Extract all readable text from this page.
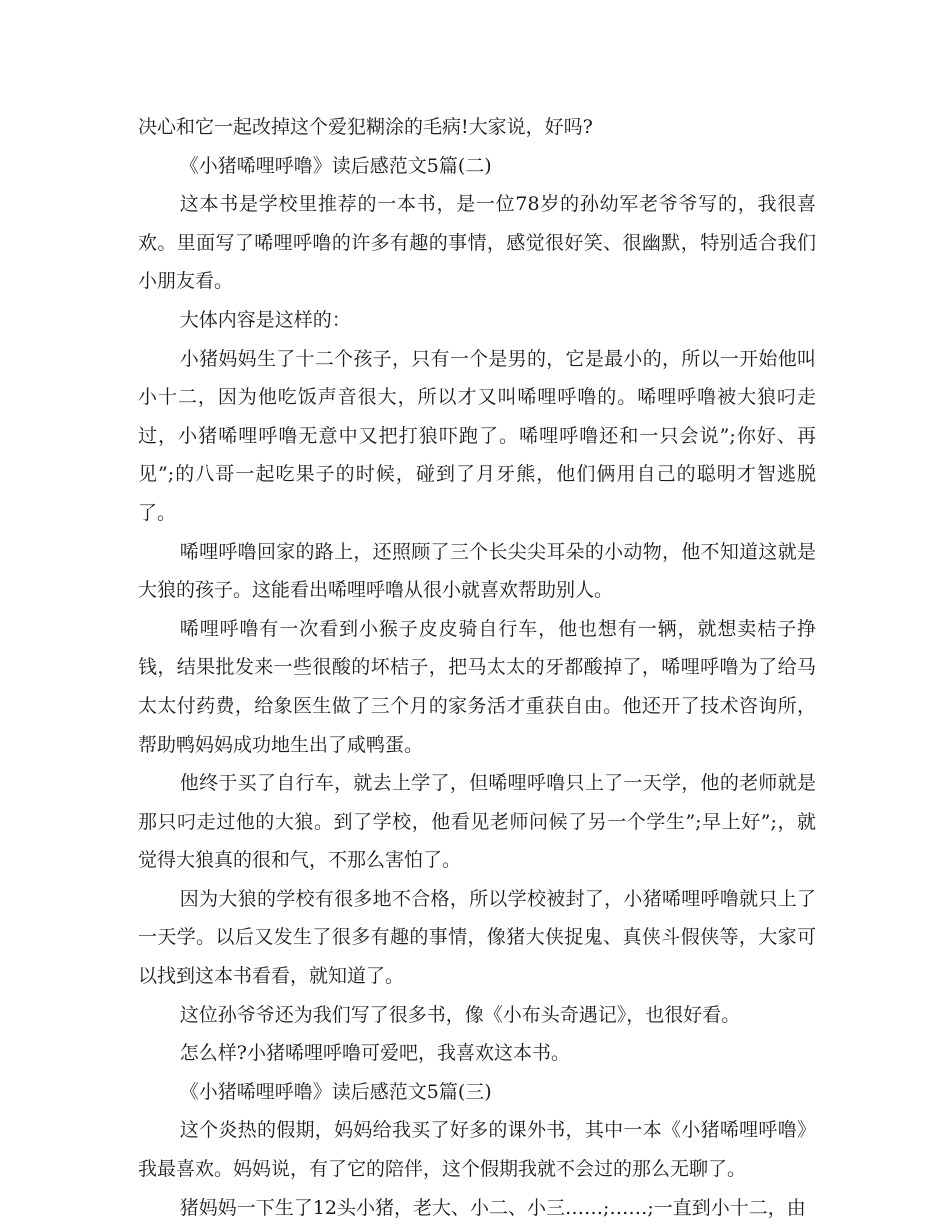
决心和它一起改掉这个爱犯糊涂的毛病!大家说，好吗?

《小猪唏哩呼噜》读后感范文5篇(二)

这本书是学校里推荐的一本书，是一位78岁的孙幼军老爷爷写的，我很喜欢。里面写了唏哩呼噜的许多有趣的事情，感觉很好笑、很幽默，特别适合我们小朋友看。

大体内容是这样的：

小猪妈妈生了十二个孩子，只有一个是男的，它是最小的，所以一开始他叫小十二，因为他吃饭声音很大，所以才又叫唏哩呼噜的。唏哩呼噜被大狼叼走过，小猪唏哩呼噜无意中又把打狼吓跑了。唏哩呼噜还和一只会说”;你好、再见”;的八哥一起吃果子的时候，碰到了月牙熊，他们俩用自己的聪明才智逃脱了。

唏哩呼噜回家的路上，还照顾了三个长尖尖耳朵的小动物，他不知道这就是大狼的孩子。这能看出唏哩呼噜从很小就喜欢帮助别人。

唏哩呼噜有一次看到小猴子皮皮骑自行车，他也想有一辆，就想卖桔子挣钱，结果批发来一些很酸的坏桔子，把马太太的牙都酸掉了，唏哩呼噜为了给马太太付药费，给象医生做了三个月的家务活才重获自由。他还开了技术咨询所，帮助鸭妈妈成功地生出了咸鸭蛋。

他终于买了自行车，就去上学了，但唏哩呼噜只上了一天学，他的老师就是那只叼走过他的大狼。到了学校，他看见老师问候了另一个学生”;早上好”;，就觉得大狼真的很和气，不那么害怕了。

因为大狼的学校有很多地不合格，所以学校被封了，小猪唏哩呼噜就只上了一天学。以后又发生了很多有趣的事情，像猪大侠捉鬼、真侠斗假侠等，大家可以找到这本书看看，就知道了。

这位孙爷爷还为我们写了很多书，像《小布头奇遇记》，也很好看。

怎么样?小猪唏哩呼噜可爱吧，我喜欢这本书。

《小猪唏哩呼噜》读后感范文5篇(三)

这个炎热的假期，妈妈给我买了好多的课外书，其中一本《小猪唏哩呼噜》我最喜欢。妈妈说，有了它的陪伴，这个假期我就不会过的那么无聊了。

猪妈妈一下生了12头小猪，老大、小二、小三……;……;一直到小十二，由
